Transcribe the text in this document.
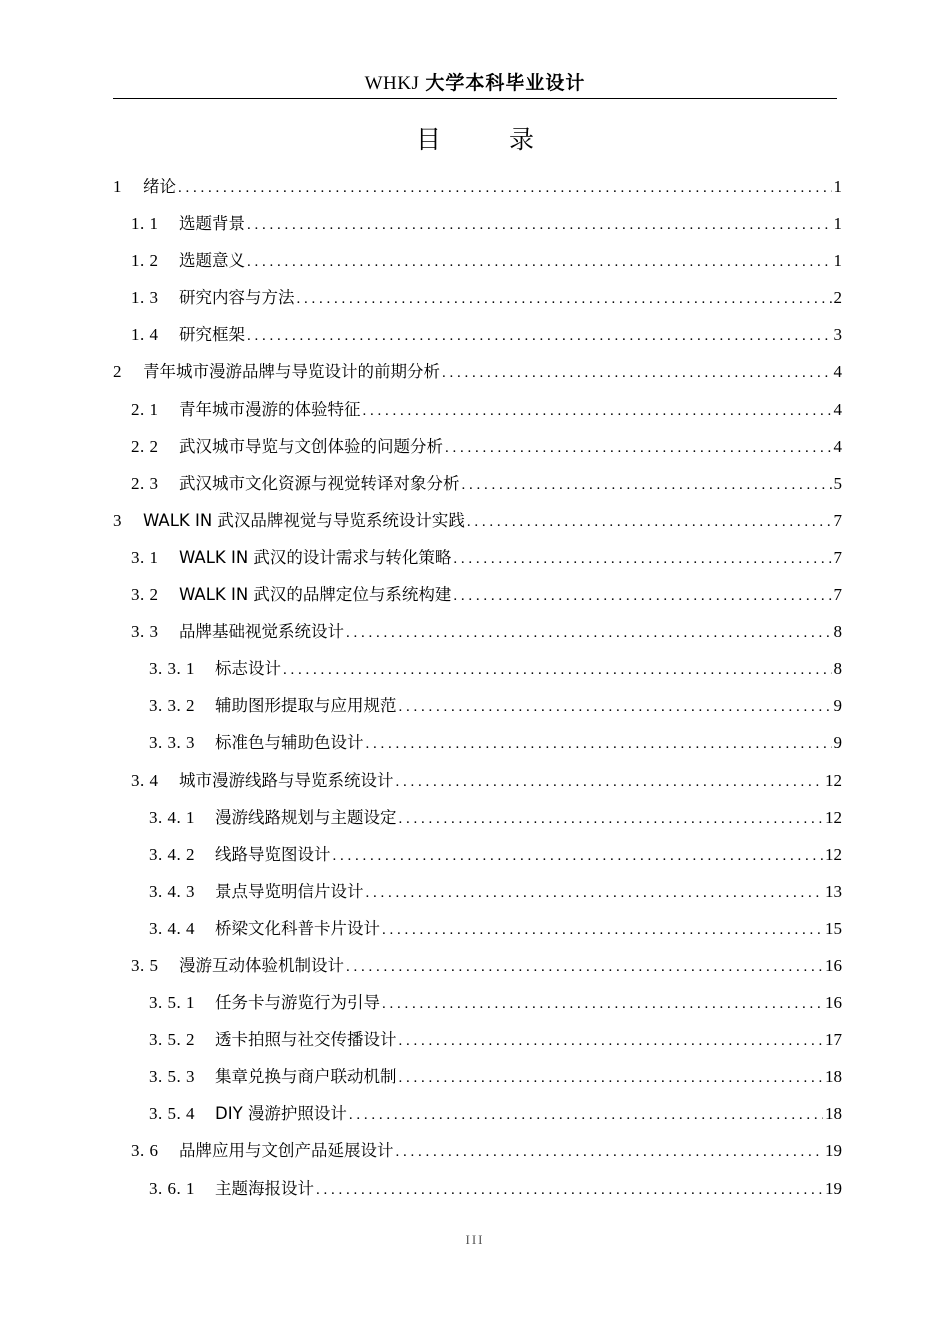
WHKJ 大学本科毕业设计
目 录
1	绪论 . . .	1
1. 1	选题背景 . . .	1
1. 2	选题意义 . . .	1
1. 3	研究内容与方法 . . .	2
1. 4	研究框架 . . .	3
2	青年城市漫游品牌与导览设计的前期分析 . . .	4
2. 1	青年城市漫游的体验特征 . . .	4
2. 2	武汉城市导览与文创体验的问题分析 . . .	4
2. 3	武汉城市文化资源与视觉转译对象分析 . . .	5
3	WALK IN 武汉品牌视觉与导览系统设计实践 . . .	7
3. 1	WALK IN 武汉的设计需求与转化策略 . . .	7
3. 2	WALK IN 武汉的品牌定位与系统构建 . . .	7
3. 3	品牌基础视觉系统设计 . . .	8
3. 3. 1	标志设计 . . .	8
3. 3. 2	辅助图形提取与应用规范 . . .	9
3. 3. 3	标准色与辅助色设计 . . .	9
3. 4	城市漫游线路与导览系统设计 . . .	12
3. 4. 1	漫游线路规划与主题设定 . . .	12
3. 4. 2	线路导览图设计 . . .	12
3. 4. 3	景点导览明信片设计 . . .	13
3. 4. 4	桥梁文化科普卡片设计 . . .	15
3. 5	漫游互动体验机制设计 . . .	16
3. 5. 1	任务卡与游览行为引导 . . .	16
3. 5. 2	透卡拍照与社交传播设计 . . .	17
3. 5. 3	集章兑换与商户联动机制 . . .	18
3. 5. 4	DIY 漫游护照设计 . . .	18
3. 6	品牌应用与文创产品延展设计 . . .	19
3. 6. 1	主题海报设计 . . .	19
III
